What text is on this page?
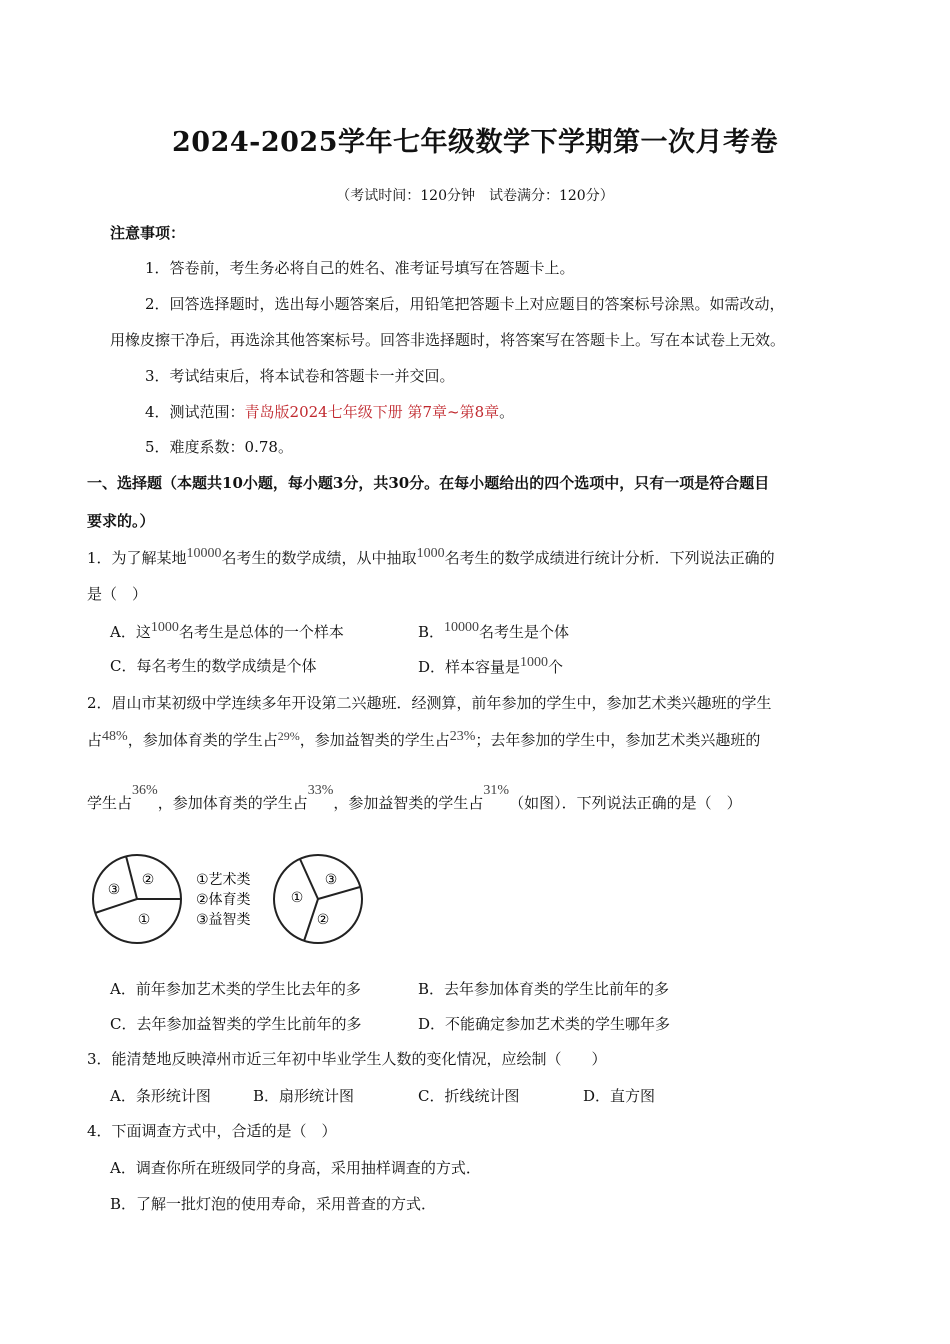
2024-2025学年七年级数学下学期第一次月考卷
（考试时间：120分钟　试卷满分：120分）
注意事项：
1．答卷前，考生务必将自己的姓名、准考证号填写在答题卡上。
2．回答选择题时，选出每小题答案后，用铅笔把答题卡上对应题目的答案标号涂黑。如需改动，
用橡皮擦干净后，再选涂其他答案标号。回答非选择题时，将答案写在答题卡上。写在本试卷上无效。
3．考试结束后，将本试卷和答题卡一并交回。
4．测试范围：青岛版2024七年级下册 第7章~第8章。
5．难度系数：0.78。
一、选择题（本题共10小题，每小题3分，共30分。在每小题给出的四个选项中，只有一项是符合题目
要求的。）
1．为了解某地10000名考生的数学成绩，从中抽取1000名考生的数学成绩进行统计分析．下列说法正确的
是（　）
A．这1000名考生是总体的一个样本	B．10000名考生是个体
C．每名考生的数学成绩是个体	D．样本容量是1000个
2．眉山市某初级中学连续多年开设第二兴趣班．经测算，前年参加的学生中，参加艺术类兴趣班的学生
占48%，参加体育类的学生占$^{29\%}$，参加益智类的学生占23%；去年参加的学生中，参加艺术类兴趣班的
学生占36%，参加体育类的学生占33%，参加益智类的学生占31%（如图）．下列说法正确的是（　）
②
③
①
①艺术类
②体育类
③益智类
①
③
②
A．前年参加艺术类的学生比去年的多	B．去年参加体育类的学生比前年的多
C．去年参加益智类的学生比前年的多	D．不能确定参加艺术类的学生哪年多
3．能清楚地反映漳州市近三年初中毕业学生人数的变化情况，应绘制（　　）
A．条形统计图	B．扇形统计图	C．折线统计图	D．直方图
4．下面调查方式中，合适的是（　）
A．调查你所在班级同学的身高，采用抽样调查的方式．
B．了解一批灯泡的使用寿命，采用普查的方式．
